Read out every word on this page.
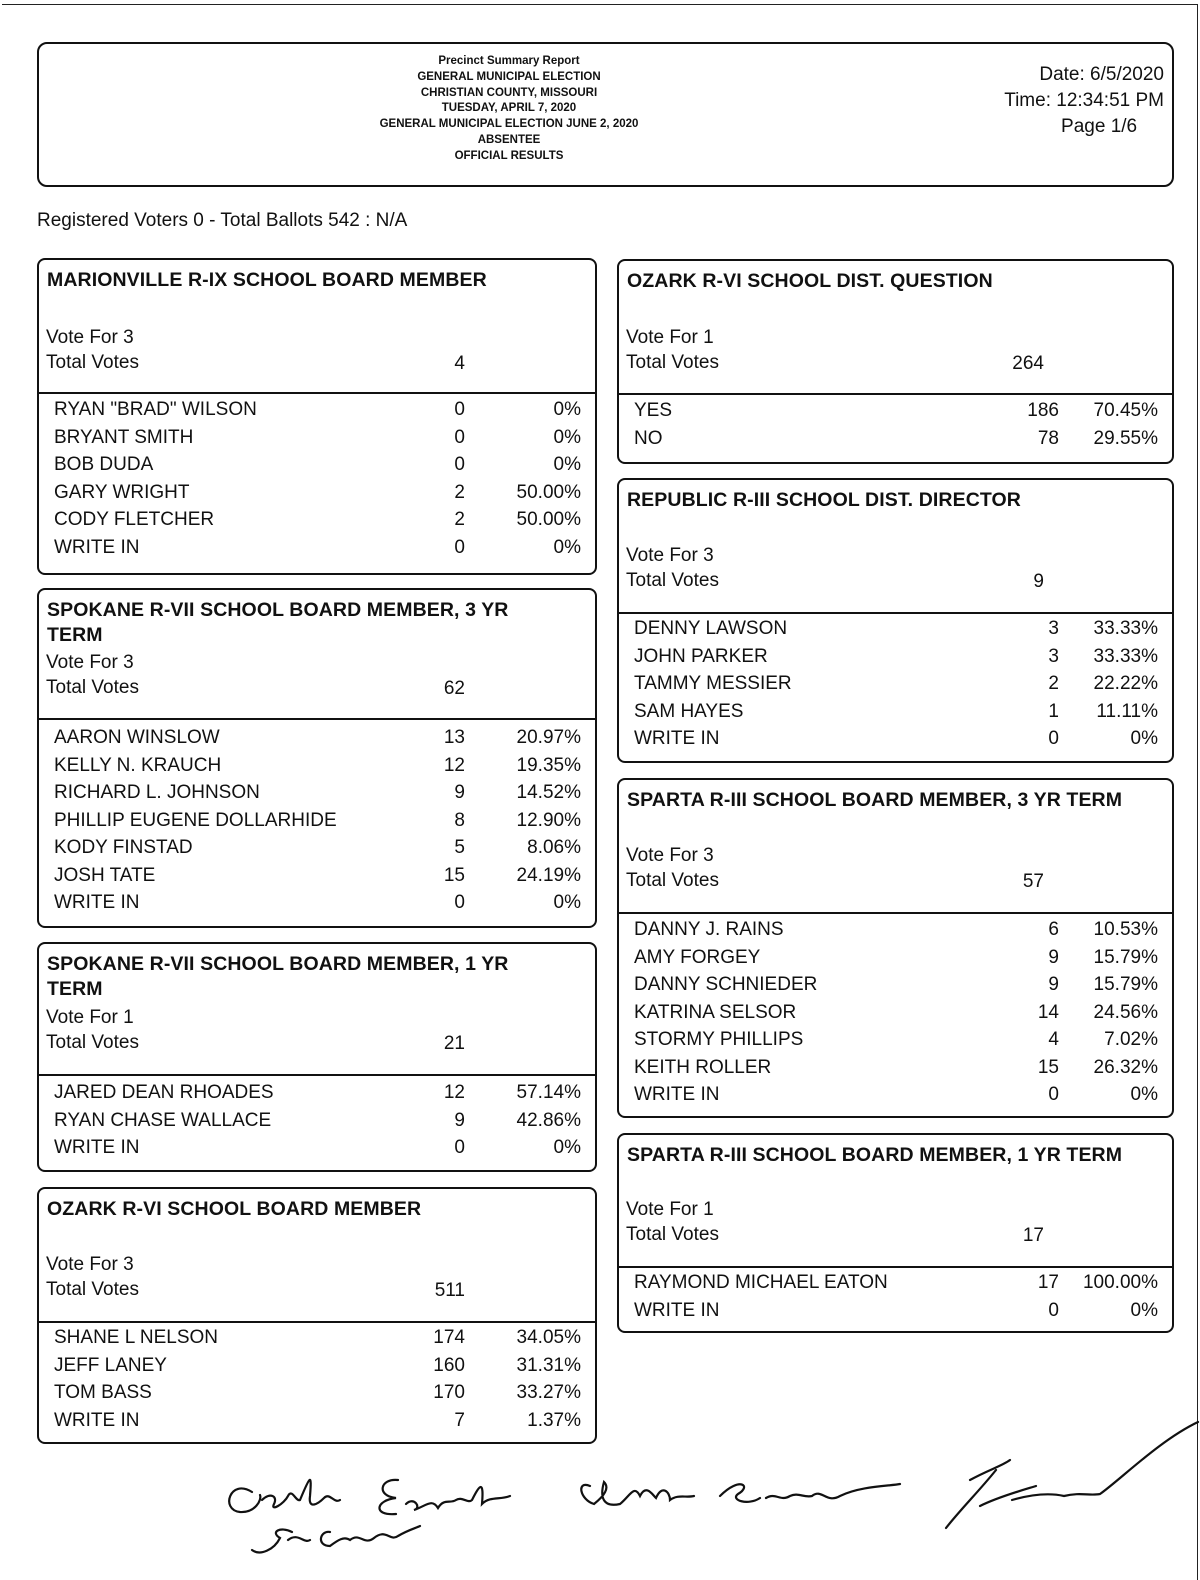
Precinct Summary Report
GENERAL MUNICIPAL ELECTION
CHRISTIAN COUNTY, MISSOURI
TUESDAY, APRIL 7, 2020
GENERAL MUNICIPAL ELECTION JUNE 2, 2020
ABSENTEE
OFFICIAL RESULTS
Date: 6/5/2020
Time: 12:34:51 PM
Page 1/6
Registered Voters 0 - Total Ballots 542 : N/A
MARIONVILLE R-IX SCHOOL BOARD MEMBER
Vote For 3
Total Votes	4
RYAN "BRAD" WILSON	0	0%
BRYANT SMITH	0	0%
BOB DUDA	0	0%
GARY WRIGHT	2	50.00%
CODY FLETCHER	2	50.00%
WRITE IN	0	0%
SPOKANE R-VII SCHOOL BOARD MEMBER, 3 YR
TERM
Vote For 3
Total Votes	62
AARON WINSLOW	13	20.97%
KELLY N. KRAUCH	12	19.35%
RICHARD L. JOHNSON	9	14.52%
PHILLIP EUGENE DOLLARHIDE	8	12.90%
KODY FINSTAD	5	8.06%
JOSH TATE	15	24.19%
WRITE IN	0	0%
SPOKANE R-VII SCHOOL BOARD MEMBER, 1 YR
TERM
Vote For 1
Total Votes	21
JARED DEAN RHOADES	12	57.14%
RYAN CHASE WALLACE	9	42.86%
WRITE IN	0	0%
OZARK R-VI SCHOOL BOARD MEMBER
Vote For 3
Total Votes	511
SHANE L NELSON	174	34.05%
JEFF LANEY	160	31.31%
TOM BASS	170	33.27%
WRITE IN	7	1.37%
OZARK R-VI SCHOOL DIST. QUESTION
Vote For 1
Total Votes	264
YES	186	70.45%
NO	78	29.55%
REPUBLIC R-III SCHOOL DIST. DIRECTOR
Vote For 3
Total Votes	9
DENNY LAWSON	3	33.33%
JOHN PARKER	3	33.33%
TAMMY MESSIER	2	22.22%
SAM HAYES	1	11.11%
WRITE IN	0	0%
SPARTA R-III SCHOOL BOARD MEMBER, 3 YR TERM
Vote For 3
Total Votes	57
DANNY J. RAINS	6	10.53%
AMY FORGEY	9	15.79%
DANNY SCHNIEDER	9	15.79%
KATRINA SELSOR	14	24.56%
STORMY PHILLIPS	4	7.02%
KEITH ROLLER	15	26.32%
WRITE IN	0	0%
SPARTA R-III SCHOOL BOARD MEMBER, 1 YR TERM
Vote For 1
Total Votes	17
RAYMOND MICHAEL EATON	17	100.00%
WRITE IN	0	0%
